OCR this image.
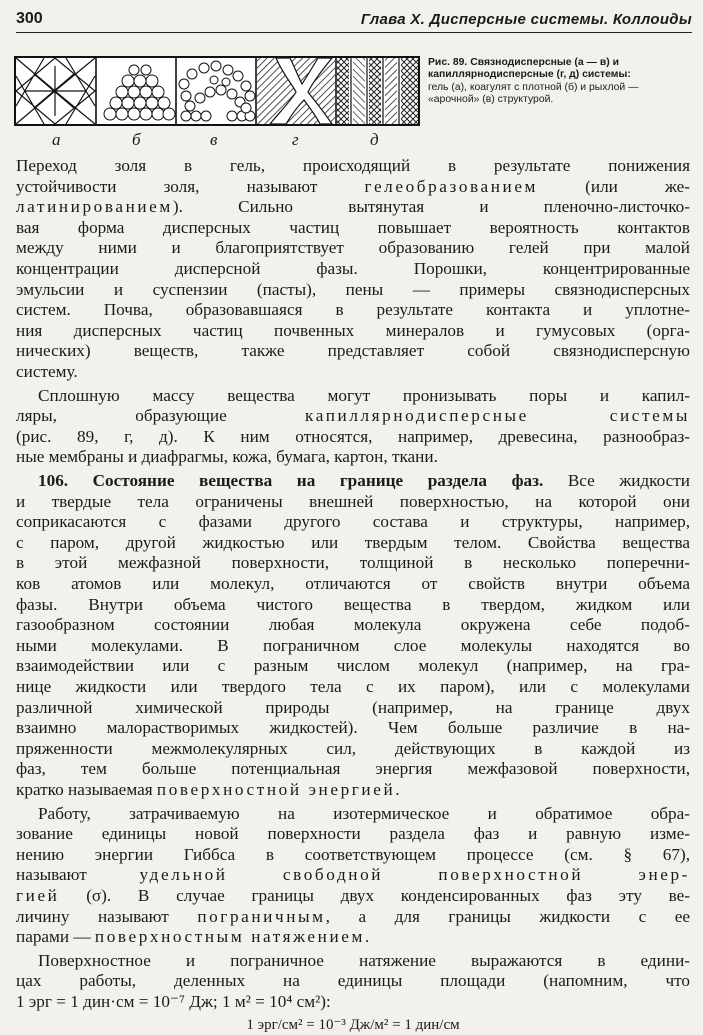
300	Глава X. Дисперсные системы. Коллоиды
а	б	в	г	д
Рис. 89. Связнодисперсные (а — в) и капиллярнодисперсные (г, д) системы:
гель (а), коагулят с плотной (б) и рыхлой — «арочной» (в) структурой.
Переход золя в гель, происходящий в результате понижения
устойчивости золя, называют гелеобразованием (или же-
латинированием). Сильно вытянутая и пленочно-листочко-
вая форма дисперсных частиц повышает вероятность контактов
между ними и благоприятствует образованию гелей при малой
концентрации дисперсной фазы. Порошки, концентрированные
эмульсии и суспензии (пасты), пены — примеры связнодисперсных
систем. Почва, образовавшаяся в результате контакта и уплотне-
ния дисперсных частиц почвенных минералов и гумусовых (орга-
нических) веществ, также представляет собой связнодисперсную
систему.
Сплошную массу вещества могут пронизывать поры и капил-
ляры, образующие капиллярнодисперсные системы
(рис. 89, г, д). К ним относятся, например, древесина, разнообраз-
ные мембраны и диафрагмы, кожа, бумага, картон, ткани.
106. Состояние вещества на границе раздела фаз. Все жидкости
и твердые тела ограничены внешней поверхностью, на которой они
соприкасаются с фазами другого состава и структуры, например,
с паром, другой жидкостью или твердым телом. Свойства вещества
в этой межфазной поверхности, толщиной в несколько поперечни-
ков атомов или молекул, отличаются от свойств внутри объема
фазы. Внутри объема чистого вещества в твердом, жидком или
газообразном состоянии любая молекула окружена себе подоб-
ными молекулами. В пограничном слое молекулы находятся во
взаимодействии или с разным числом молекул (например, на гра-
нице жидкости или твердого тела с их паром), или с молекулами
различной химической природы (например, на границе двух
взаимно малорастворимых жидкостей). Чем больше различие в на-
пряженности межмолекулярных сил, действующих в каждой из
фаз, тем больше потенциальная энергия межфазовой поверхности,
кратко называемая поверхностной энергией.
Работу, затрачиваемую на изотермическое и обратимое обра-
зование единицы новой поверхности раздела фаз и равную изме-
нению энергии Гиббса в соответствующем процессе (см. § 67),
называют удельной свободной поверхностной энер-
гией (σ). В случае границы двух конденсированных фаз эту ве-
личину называют пограничным, а для границы жидкости с ее
парами — поверхностным натяжением.
Поверхностное и пограничное натяжение выражаются в едини-
цах работы, деленных на единицы площади (напомним, что
1 эрг = 1 дин·см = 10⁻⁷ Дж; 1 м² = 10⁴ см²):
1 эрг/см² = 10⁻³ Дж/м² = 1 дин/см
